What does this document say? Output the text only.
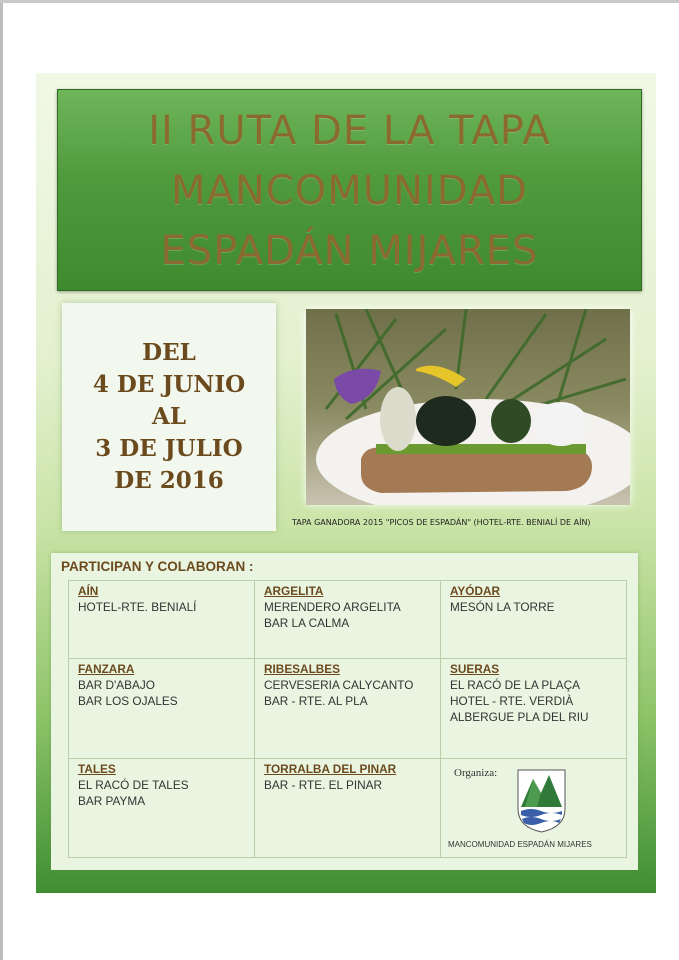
II RUTA DE LA TAPA
MANCOMUNIDAD
ESPADÁN MIJARES
DEL
4 DE JUNIO
AL
3 DE JULIO
DE 2016
TAPA GANADORA 2015 "PICOS DE ESPADÁN" (HOTEL-RTE. BENIALÍ DE AÍN)
PARTICIPAN Y COLABORAN :
AÍN
HOTEL-RTE. BENIALÍ
ARGELITA
MERENDERO ARGELITA
BAR LA CALMA
AYÓDAR
MESÓN LA TORRE
FANZARA
BAR D'ABAJO
BAR LOS OJALES
RIBESALBES
CERVESERIA CALYCANTO
BAR - RTE. AL PLA
SUERAS
EL RACÓ DE LA PLAÇA
HOTEL - RTE. VERDIÀ
ALBERGUE PLA DEL RIU
TALES
EL RACÓ DE TALES
BAR PAYMA
TORRALBA DEL PINAR
BAR - RTE. EL PINAR
Organiza:
MANCOMUNIDAD ESPADÁN MIJARES
